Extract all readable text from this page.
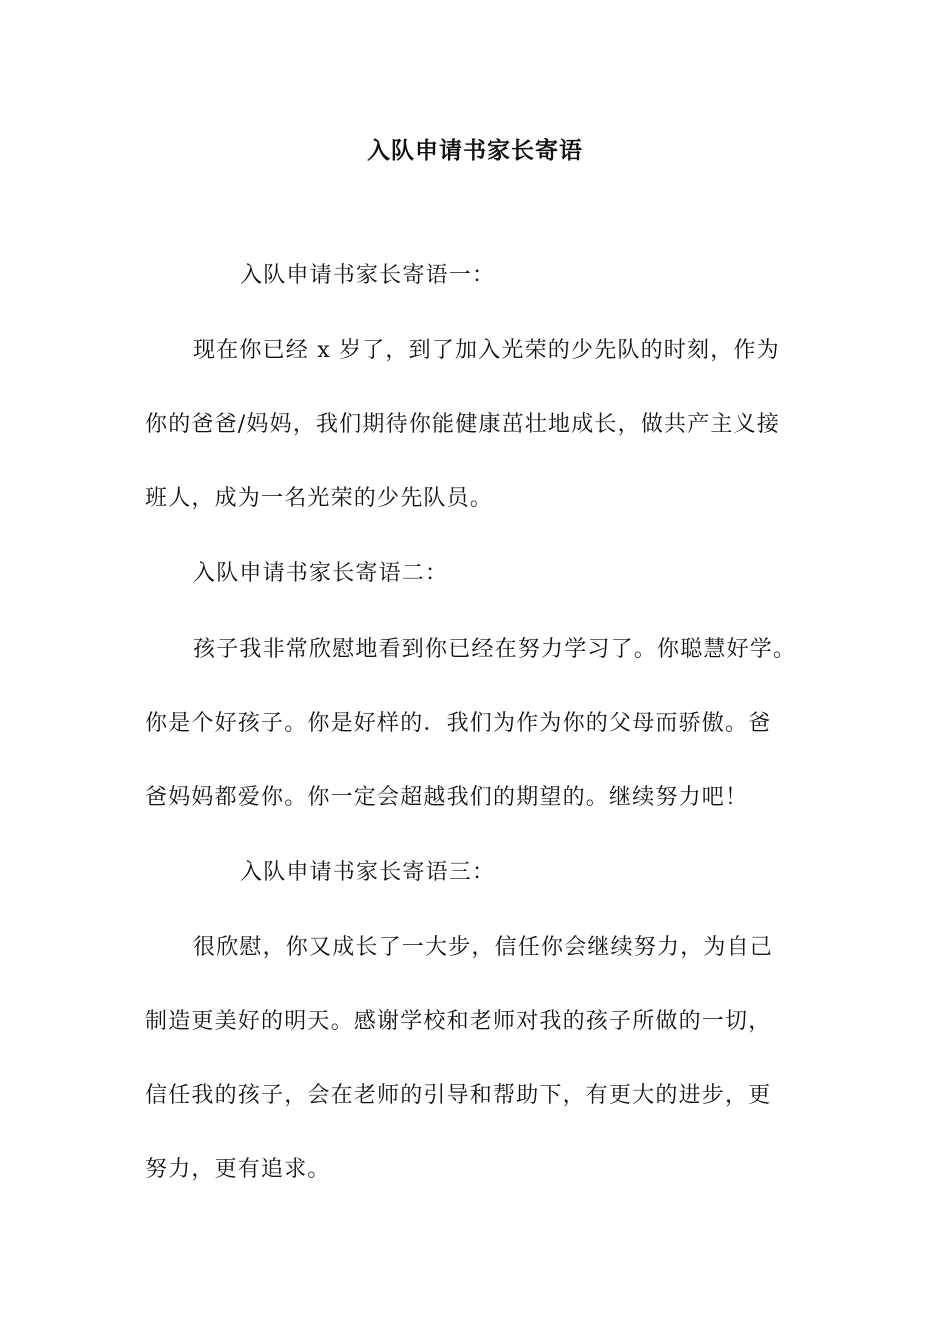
入队申请书家长寄语
入队申请书家长寄语一：
现在你已经 x 岁了，到了加入光荣的少先队的时刻，作为
你的爸爸/妈妈，我们期待你能健康茁壮地成长，做共产主义接
班人，成为一名光荣的少先队员。
入队申请书家长寄语二：
孩子我非常欣慰地看到你已经在努力学习了。你聪慧好学。
你是个好孩子。你是好样的．我们为作为你的父母而骄傲。爸
爸妈妈都爱你。你一定会超越我们的期望的。继续努力吧！
入队申请书家长寄语三：
很欣慰，你又成长了一大步，信任你会继续努力，为自己
制造更美好的明天。感谢学校和老师对我的孩子所做的一切，
信任我的孩子，会在老师的引导和帮助下，有更大的进步，更
努力，更有追求。
